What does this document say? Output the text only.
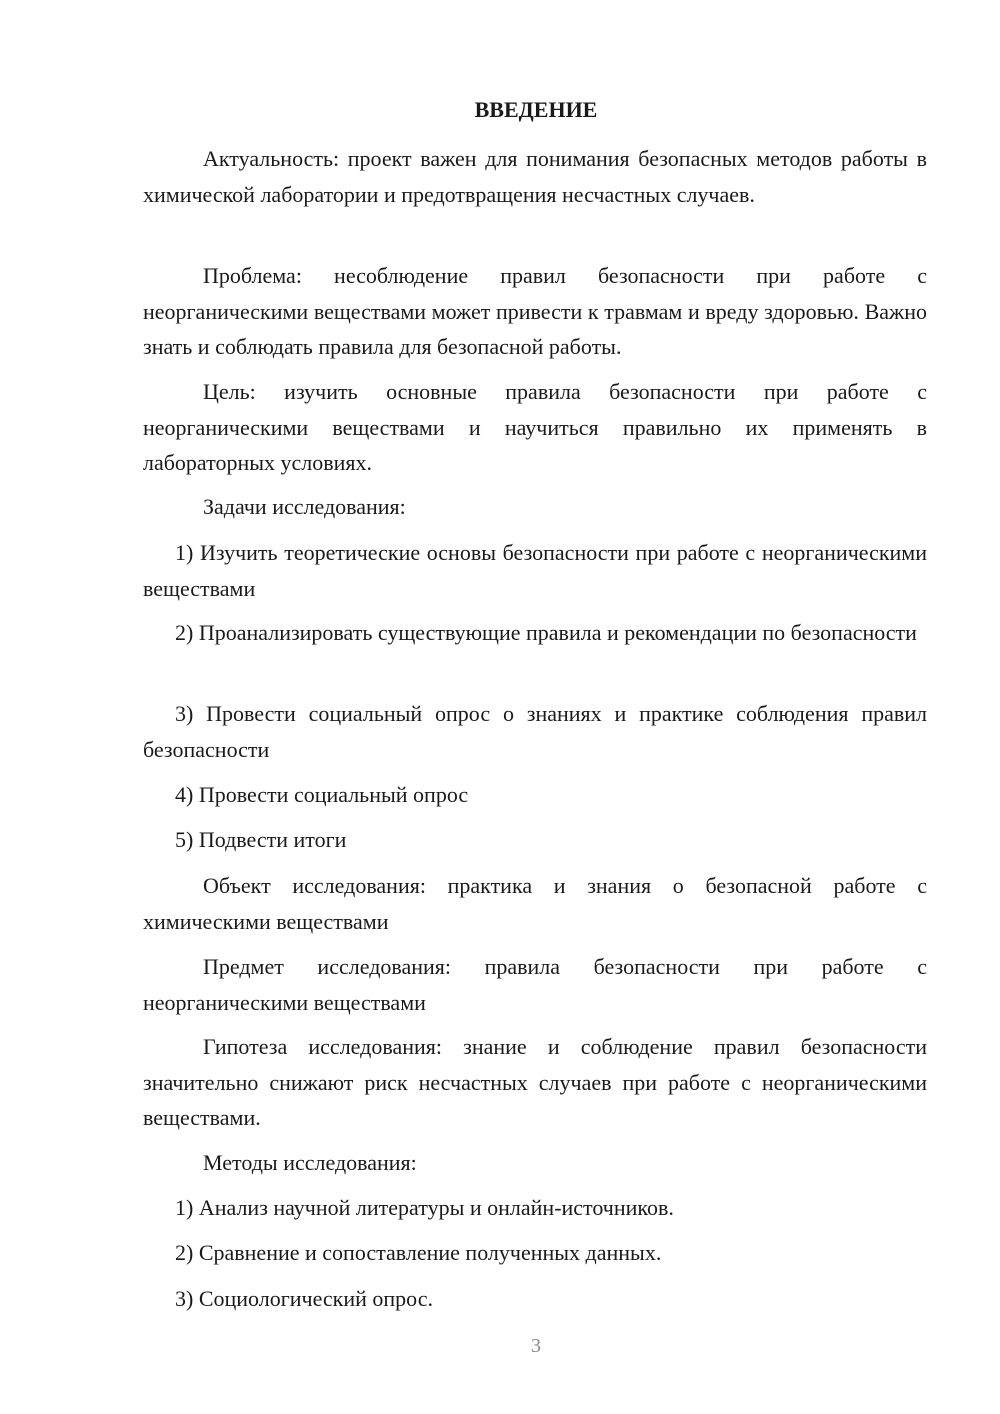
ВВЕДЕНИЕ

Актуальность: проект важен для понимания безопасных методов работы в химической лаборатории и предотвращения несчастных случаев.

Проблема: несоблюдение правил безопасности при работе с неорганическими веществами может привести к травмам и вреду здоровью. Важно знать и соблюдать правила для безопасной работы.

Цель: изучить основные правила безопасности при работе с неорганическими веществами и научиться правильно их применять в лабораторных условиях.

Задачи исследования:

1) Изучить теоретические основы безопасности при работе с неорганическими веществами

2) Проанализировать существующие правила и рекомендации по безопасности

3) Провести социальный опрос о знаниях и практике соблюдения правил безопасности

4) Провести социальный опрос

5) Подвести итоги

Объект исследования: практика и знания о безопасной работе с химическими веществами

Предмет исследования: правила безопасности при работе с неорганическими веществами

Гипотеза исследования: знание и соблюдение правил безопасности значительно снижают риск несчастных случаев при работе с неорганическими веществами.

Методы исследования:

1) Анализ научной литературы и онлайн-источников.

2) Сравнение и сопоставление полученных данных.

3) Социологический опрос.

3
